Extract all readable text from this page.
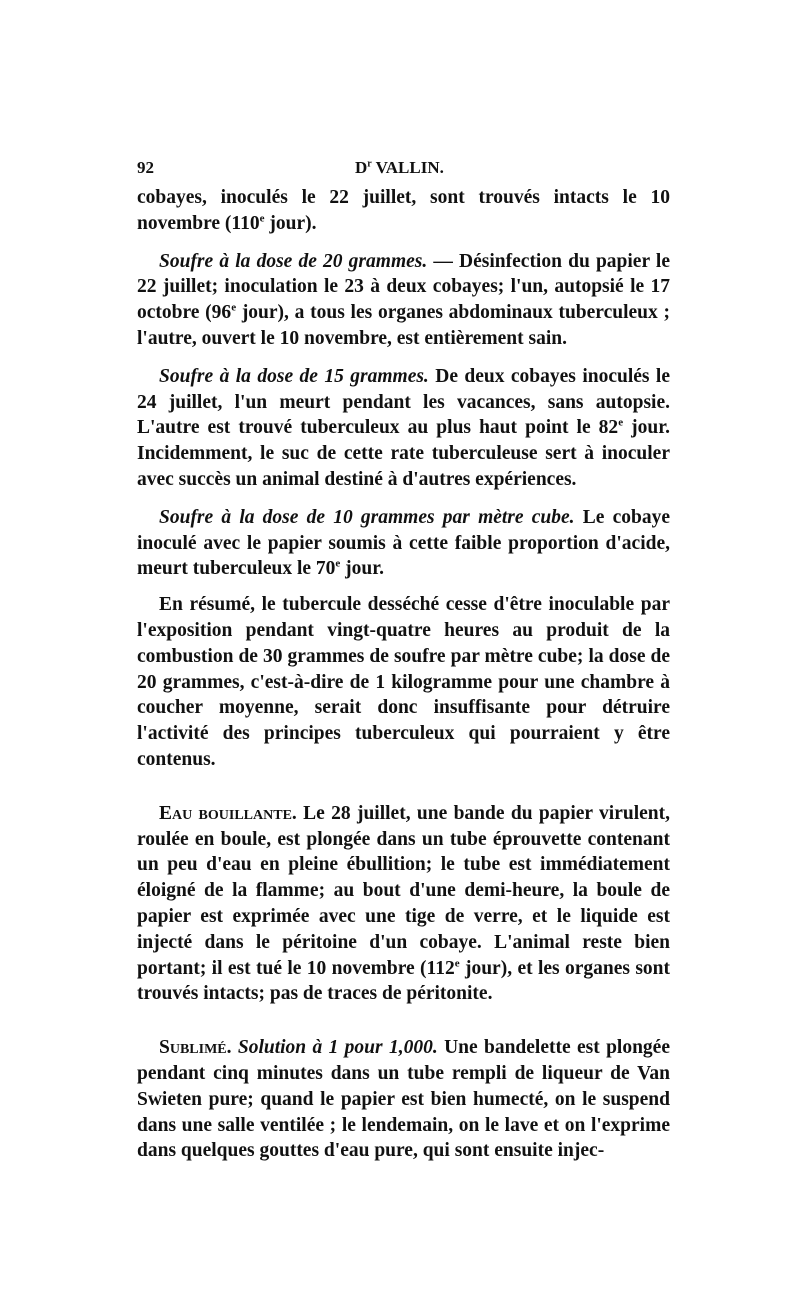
92	$D^r$ VALLIN.

cobayes, inoculés le 22 juillet, sont trouvés intacts le 10 novembre (110e jour).

Soufre à la dose de 20 grammes. — Désinfection du papier le 22 juillet; inoculation le 23 à deux cobayes; l'un, autopsié le 17 octobre (96e jour), a tous les organes abdominaux tuberculeux ; l'autre, ouvert le 10 novembre, est entièrement sain.

Soufre à la dose de 15 grammes. De deux cobayes inoculés le 24 juillet, l'un meurt pendant les vacances, sans autopsie. L'autre est trouvé tuberculeux au plus haut point le 82e jour. Incidemment, le suc de cette rate tuberculeuse sert à inoculer avec succès un animal destiné à d'autres expériences.

Soufre à la dose de 10 grammes par mètre cube. Le cobaye inoculé avec le papier soumis à cette faible proportion d'acide, meurt tuberculeux le 70e jour.

En résumé, le tubercule desséché cesse d'être inoculable par l'exposition pendant vingt-quatre heures au produit de la combustion de 30 grammes de soufre par mètre cube; la dose de 20 grammes, c'est-à-dire de 1 kilogramme pour une chambre à coucher moyenne, serait donc insuffisante pour détruire l'activité des principes tuberculeux qui pourraient y être contenus.

Eau bouillante. Le 28 juillet, une bande du papier virulent, roulée en boule, est plongée dans un tube éprouvette contenant un peu d'eau en pleine ébullition; le tube est immédiatement éloigné de la flamme; au bout d'une demi-heure, la boule de papier est exprimée avec une tige de verre, et le liquide est injecté dans le péritoine d'un cobaye. L'animal reste bien portant; il est tué le 10 novembre (112e jour), et les organes sont trouvés intacts; pas de traces de péritonite.

Sublimé. Solution à 1 pour 1,000. Une bandelette est plongée pendant cinq minutes dans un tube rempli de liqueur de Van Swieten pure; quand le papier est bien humecté, on le suspend dans une salle ventilée ; le lendemain, on le lave et on l'exprime dans quelques gouttes d'eau pure, qui sont ensuite injec-
